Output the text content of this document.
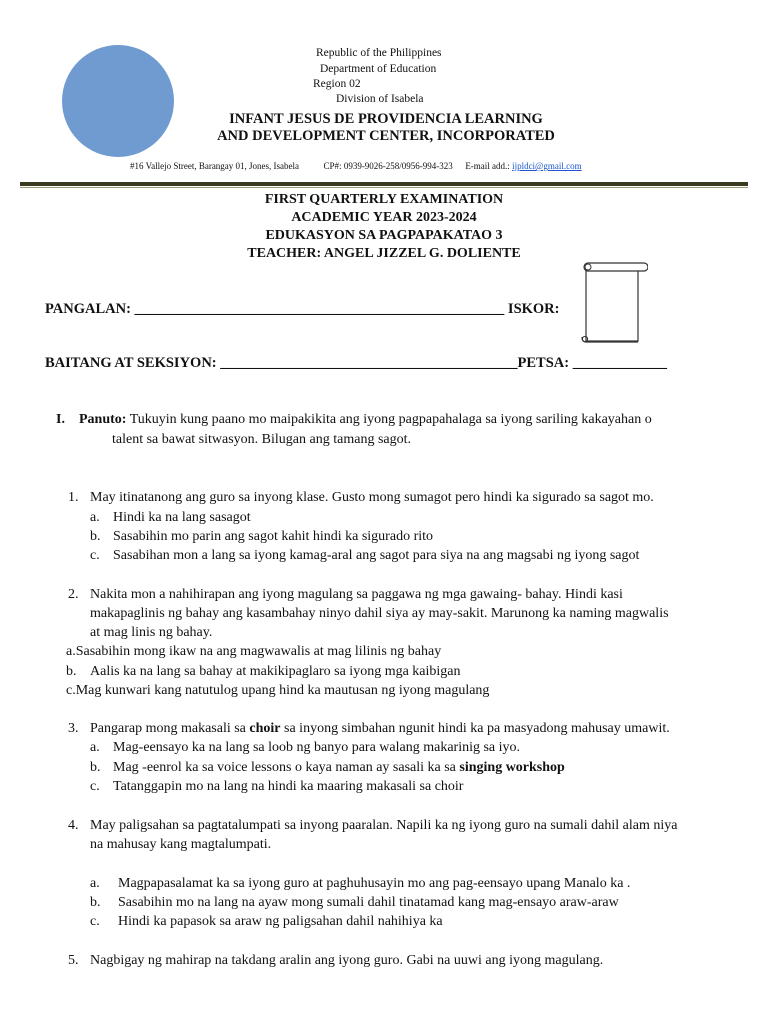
Republic of the Philippines
Department of Education
Region 02
Division of Isabela
INFANT JESUS DE PROVIDENCIA LEARNING
AND DEVELOPMENT CENTER, INCORPORATED
#16 Vallejo Street, Barangay 01, Jones, Isabela	CP#: 0939-9026-258/0956-994-323 E-mail add.: ijpldci@gmail.com
FIRST QUARTERLY EXAMINATION
ACADEMIC YEAR 2023-2024
EDUKASYON SA PAGPAPAKATAO 3
TEACHER: ANGEL JIZZEL G. DOLIENTE
PANGALAN: ___________________________________________________ ISKOR:
BAITANG AT SEKSIYON: _________________________________________PETSA: _____________
I. Panuto: Tukuyin kung paano mo maipakikita ang iyong pagpapahalaga sa iyong sariling kakayahan o
talent sa bawat sitwasyon. Bilugan ang tamang sagot.
1. May itinatanong ang guro sa inyong klase. Gusto mong sumagot pero hindi ka sigurado sa sagot mo.
a. Hindi ka na lang sasagot
b. Sasabihin mo parin ang sagot kahit hindi ka sigurado rito
c. Sasabihan mon a lang sa iyong kamag-aral ang sagot para siya na ang magsabi ng iyong sagot
2. Nakita mon a nahihirapan ang iyong magulang sa paggawa ng mga gawaing- bahay. Hindi kasi
makapaglinis ng bahay ang kasambahay ninyo dahil siya ay may-sakit. Marunong ka naming magwalis
at mag linis ng bahay.
a.Sasabihin mong ikaw na ang magwawalis at mag lilinis ng bahay
b. Aalis ka na lang sa bahay at makikipaglaro sa iyong mga kaibigan
c.Mag kunwari kang natutulog upang hind ka mautusan ng iyong magulang
3. Pangarap mong makasali sa choir sa inyong simbahan ngunit hindi ka pa masyadong mahusay umawit.
a. Mag-eensayo ka na lang sa loob ng banyo para walang makarinig sa iyo.
b. Mag -eenrol ka sa voice lessons o kaya naman ay sasali ka sa singing workshop
c. Tatanggapin mo na lang na hindi ka maaring makasali sa choir
4. May paligsahan sa pagtatalumpati sa inyong paaralan. Napili ka ng iyong guro na sumali dahil alam niya
na mahusay kang magtalumpati.
a. Magpapasalamat ka sa iyong guro at paghuhusayin mo ang pag-eensayo upang Manalo ka .
b. Sasabihin mo na lang na ayaw mong sumali dahil tinatamad kang mag-ensayo araw-araw
c. Hindi ka papasok sa araw ng paligsahan dahil nahihiya ka
5. Nagbigay ng mahirap na takdang aralin ang iyong guro. Gabi na uuwi ang iyong magulang.
